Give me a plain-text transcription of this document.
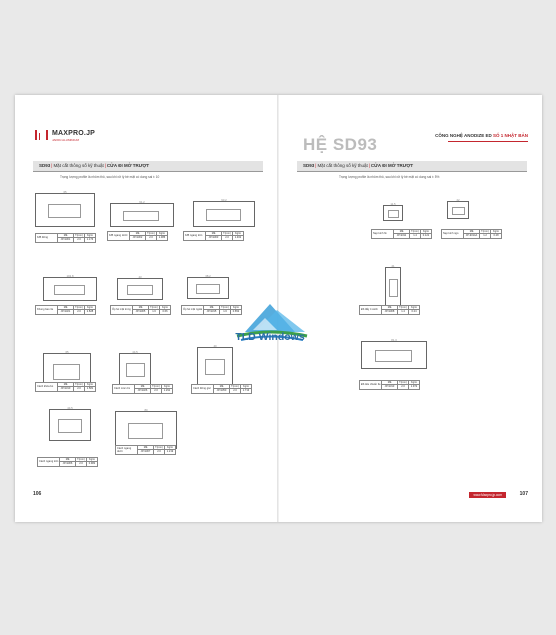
MAXPRO.JP
JAPAN ALUMINIUM
SD93|Mặt cắt thông số kỹ thuật|CỬA ĐI MỞ TRƯỢT
Trọng lượng profile là nhôm thô, sau khi xử lý bề mặt có dung sai ± 10
65
K/B đứng
Mã
JP-9301
T(mm)
2.0
Kg/m
1.173
91.2
K/B ngang dưới
Mã
JP-9302
T(mm)
2.0
Kg/m
1.386
93.2
K/B ngang trên
Mã
JP-9303
T(mm)
2.0
Kg/m
1.462
102.8
Khung bao 3e
Mã
JP-9321
T(mm)
2.0
Kg/m
2.828
43
Ốp hè mặt trong
Mã
JP-9305
T(mm)
1.6
Kg/m
0.66
38.2
Ốp hè mặt ngoài
Mã
JP-9315
T(mm)
1.6
Kg/m
0.652
65
Cánh khóa bo
Mã
JP-9310
T(mm)
2.0
Kg/m
1.581
44.5
Cánh móc ôm
Mã
JP-9326
T(mm)
2.0
Kg/m
1.291
40
Cánh đứng góc
Mã
JP-9350
T(mm)
2.0
Kg/m
1.713
44.5
Cánh ngang trên
Mã
JP-9306
T(mm)
2.0
Kg/m
0.982
80
Cánh ngang dưới
Mã
JP-9307
T(mm)
2.0
Kg/m
1.219
106
HỆ SD93	CÔNG NGHỆ ANODIZE ED SỐ 1 NHẬT BẢN
SD93|Mặt cắt thông số kỹ thuật|CỬA ĐI MỞ TRƯỢT
Trọng lượng profile là nhôm thô, sau khi xử lý bề mặt có dung sai ± 5%
11.5
Nẹp kính fix
Mã
JP-9311
T(mm)
1.4
Kg/m
0.121
22
Nẹp kính ngo
Mã
JP-9314A
T(mm)
1.2
Kg/m
0.28
21
Đố đẩy 4 cánh
Mã
JP-9308
T(mm)
1.4
Kg/m
0.24
81.3
Đố tiêu chuẩn 3e
Mã
JP-9313
T(mm)
2.0
Kg/m
1.972
www.Maxpro.jp.com	107
TLD Windows
